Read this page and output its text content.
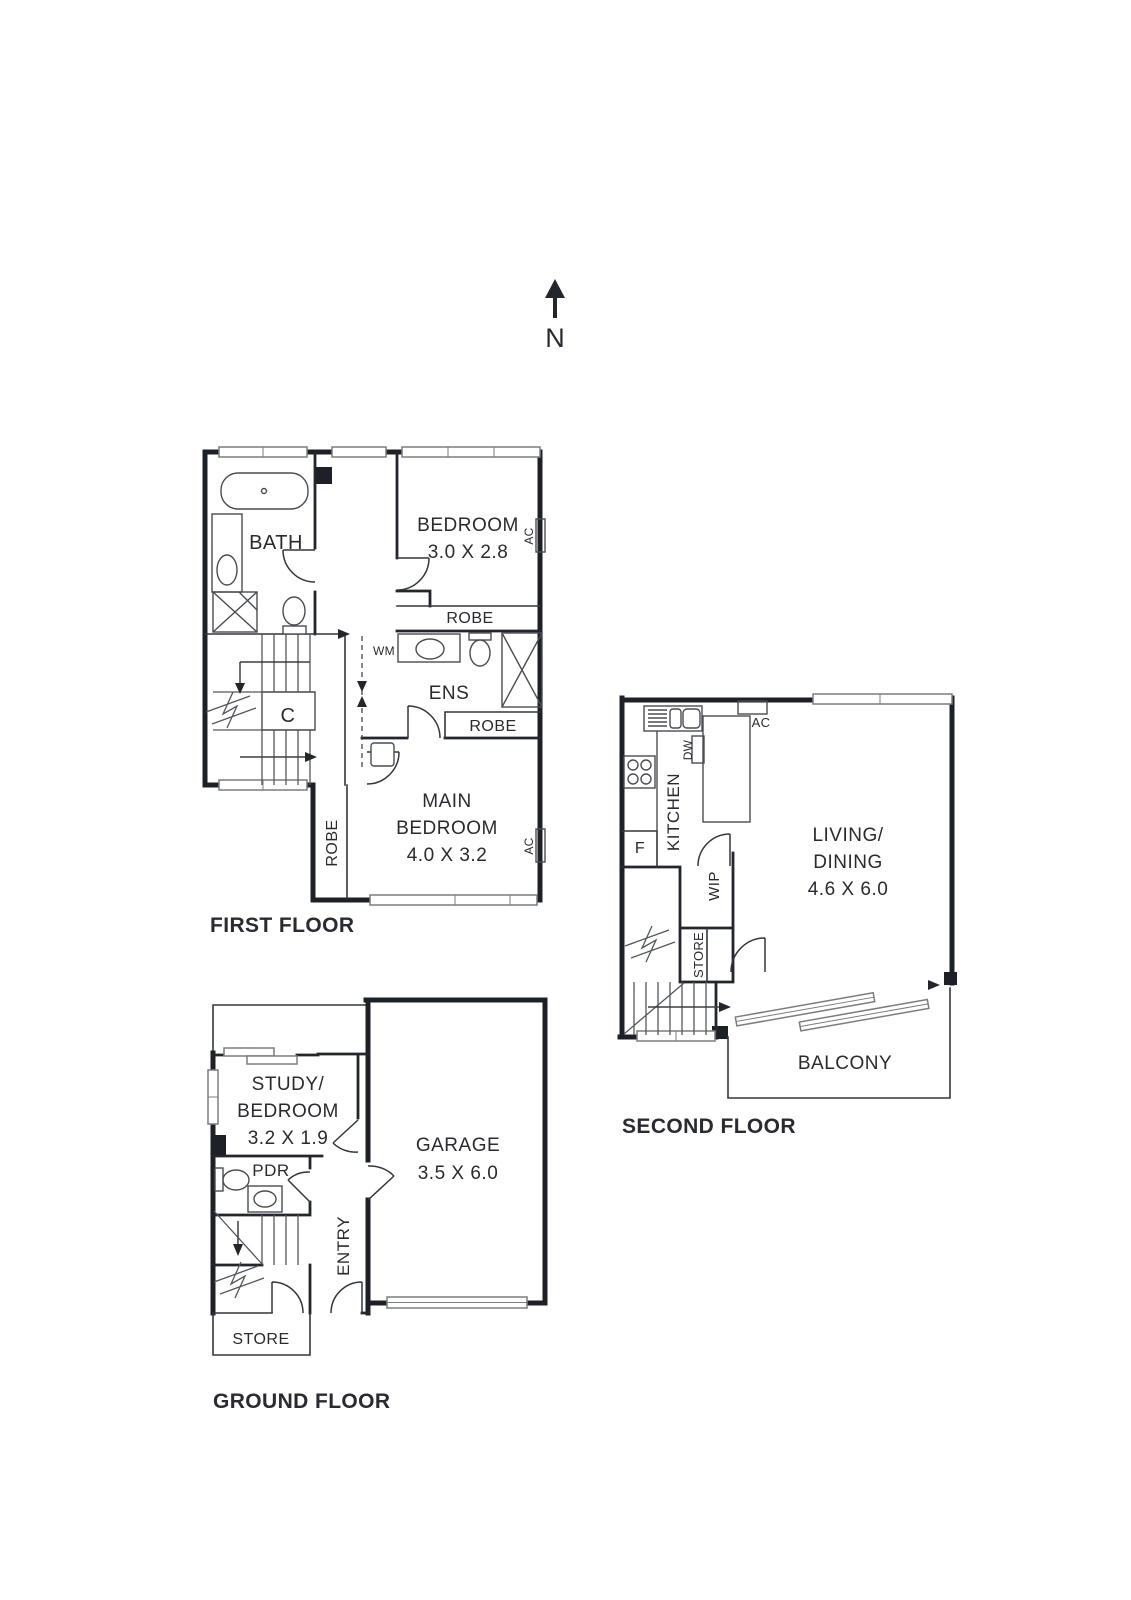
N
BATH
BEDROOM
3.0 X 2.8
ROBE
WM
ENS
ROBE
C
ROBE
MAIN
BEDROOM
4.0 X 3.2
AC
AC
FIRST FLOOR
KITCHEN
DW
F
WIP
STORE
AC
LIVING/
DINING
4.6 X 6.0
BALCONY
SECOND FLOOR
STUDY/
BEDROOM
3.2 X 1.9
PDR
ENTRY
STORE
GARAGE
3.5 X 6.0
GROUND FLOOR
